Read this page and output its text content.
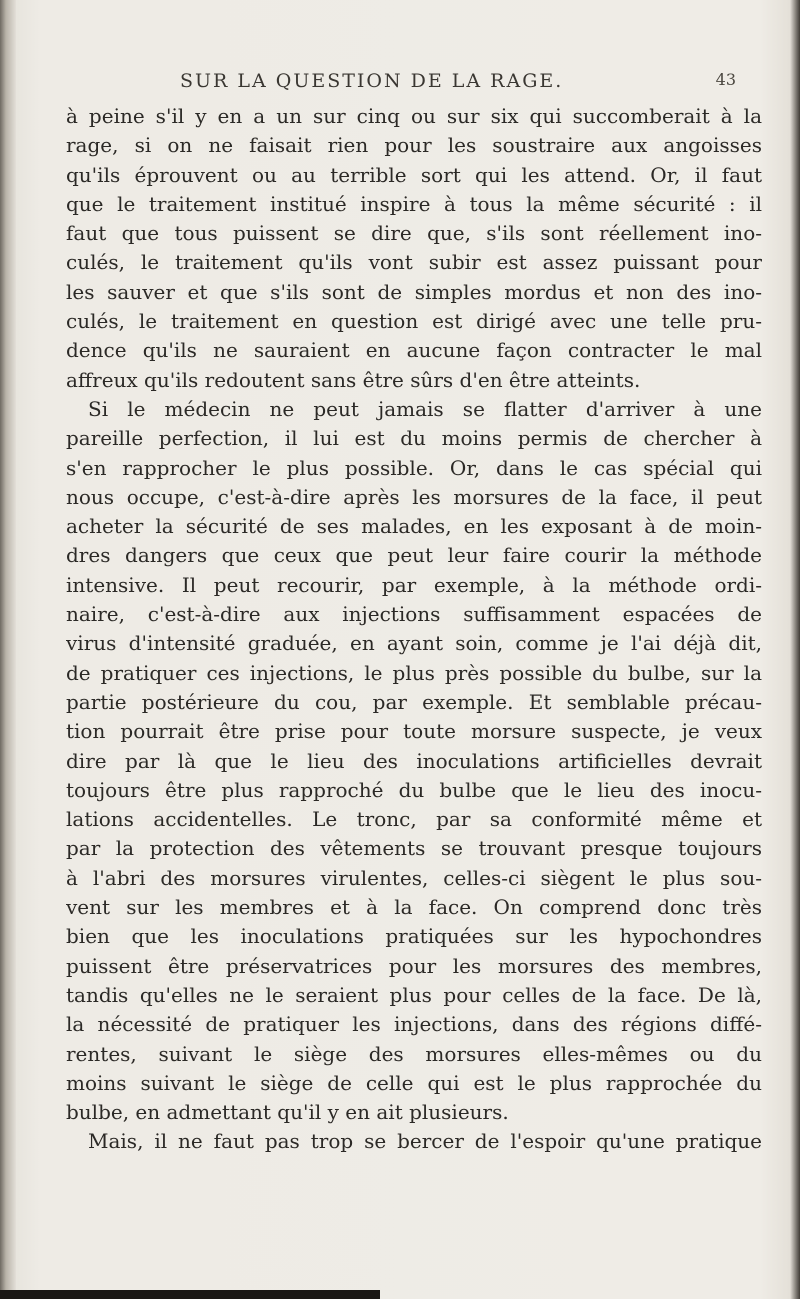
SUR LA QUESTION DE LA RAGE.	43
à peine s'il y en a un sur cinq ou sur six qui succomberait à la
rage, si on ne faisait rien pour les soustraire aux angoisses
qu'ils éprouvent ou au terrible sort qui les attend. Or, il faut
que le traitement institué inspire à tous la même sécurité : il
faut que tous puissent se dire que, s'ils sont réellement ino-
culés, le traitement qu'ils vont subir est assez puissant pour
les sauver et que s'ils sont de simples mordus et non des ino-
culés, le traitement en question est dirigé avec une telle pru-
dence qu'ils ne sauraient en aucune façon contracter le mal
affreux qu'ils redoutent sans être sûrs d'en être atteints.
Si le médecin ne peut jamais se flatter d'arriver à une
pareille perfection, il lui est du moins permis de chercher à
s'en rapprocher le plus possible. Or, dans le cas spécial qui
nous occupe, c'est-à-dire après les morsures de la face, il peut
acheter la sécurité de ses malades, en les exposant à de moin-
dres dangers que ceux que peut leur faire courir la méthode
intensive. Il peut recourir, par exemple, à la méthode ordi-
naire, c'est-à-dire aux injections suffisamment espacées de
virus d'intensité graduée, en ayant soin, comme je l'ai déjà dit,
de pratiquer ces injections, le plus près possible du bulbe, sur la
partie postérieure du cou, par exemple. Et semblable précau-
tion pourrait être prise pour toute morsure suspecte, je veux
dire par là que le lieu des inoculations artificielles devrait
toujours être plus rapproché du bulbe que le lieu des inocu-
lations accidentelles. Le tronc, par sa conformité même et
par la protection des vêtements se trouvant presque toujours
à l'abri des morsures virulentes, celles-ci siègent le plus sou-
vent sur les membres et à la face. On comprend donc très
bien que les inoculations pratiquées sur les hypochondres
puissent être préservatrices pour les morsures des membres,
tandis qu'elles ne le seraient plus pour celles de la face. De là,
la nécessité de pratiquer les injections, dans des régions diffé-
rentes, suivant le siège des morsures elles-mêmes ou du
moins suivant le siège de celle qui est le plus rapprochée du
bulbe, en admettant qu'il y en ait plusieurs.
Mais, il ne faut pas trop se bercer de l'espoir qu'une pratique
